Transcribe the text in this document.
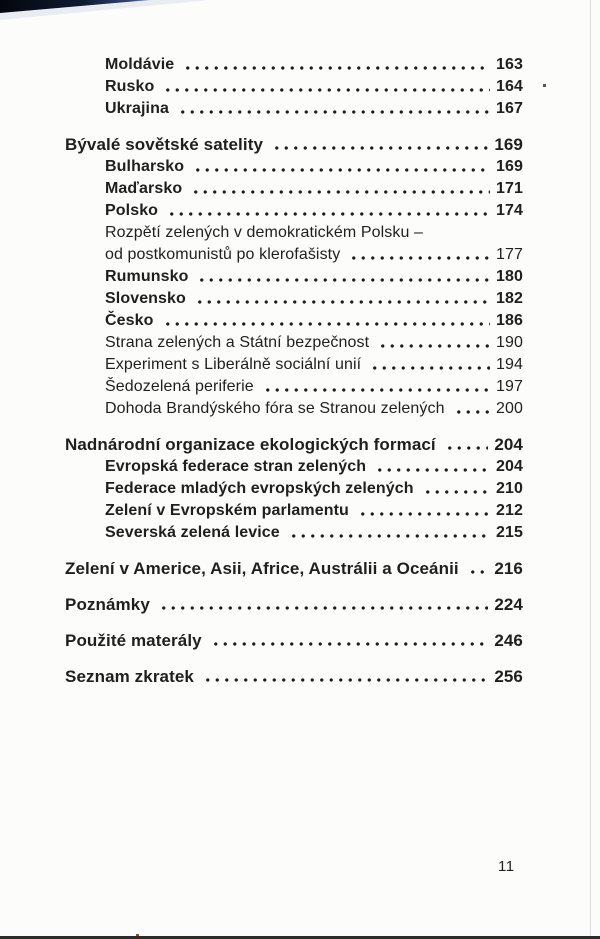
Moldávie	163
Rusko	164
Ukrajina	167
Bývalé sovětské satelity	169
Bulharsko	169
Maďarsko	171
Polsko	174
Rozpětí zelených v demokratickém Polsku –
od postkomunistů po klerofašisty	177
Rumunsko	180
Slovensko	182
Česko	186
Strana zelených a Státní bezpečnost	190
Experiment s Liberálně sociální unií	194
Šedozelená periferie	197
Dohoda Brandýského fóra se Stranou zelených	200
Nadnárodní organizace ekologických formací	204
Evropská federace stran zelených	204
Federace mladých evropských zelených	210
Zelení v Evropském parlamentu	212
Severská zelená levice	215
Zelení v Americe, Asii, Africe, Austrálii a Oceánii 216
Poznámky	224
Použité materály	246
Seznam zkratek	256
11
